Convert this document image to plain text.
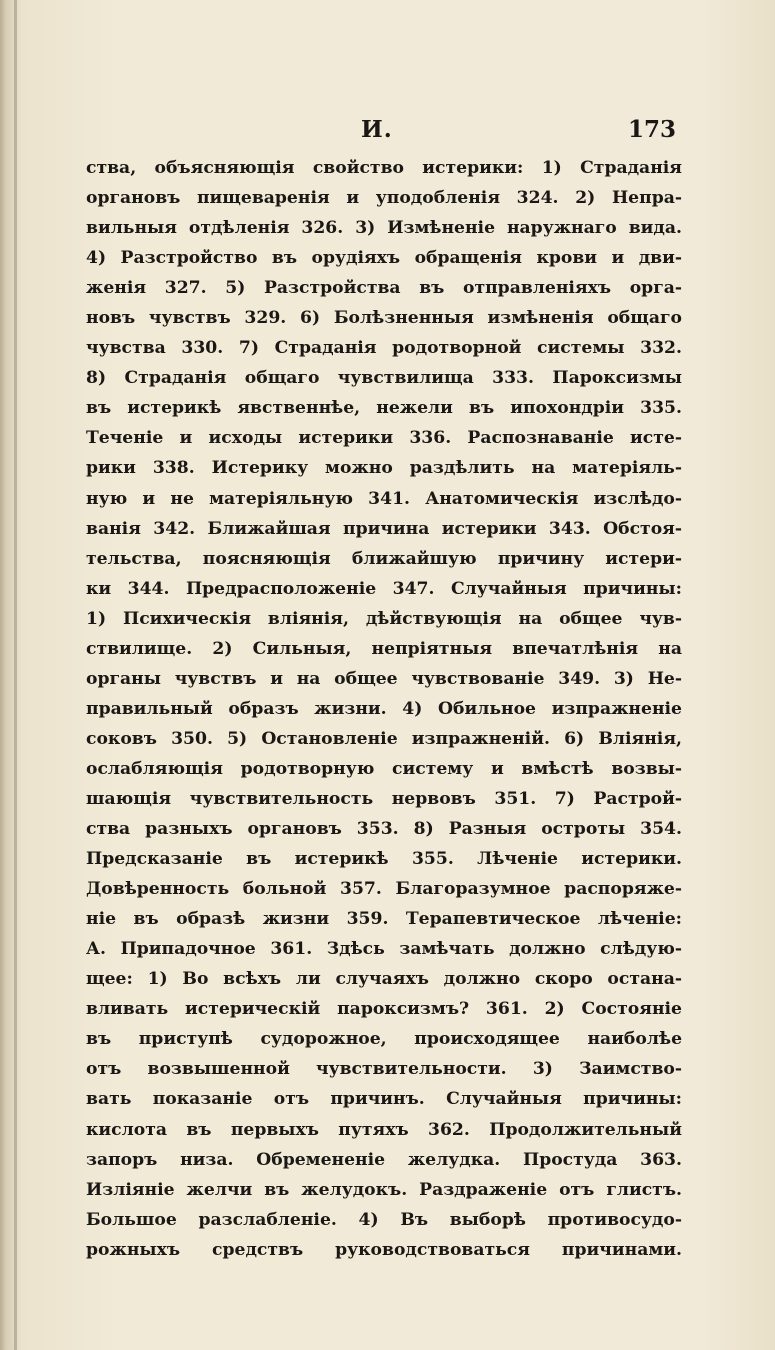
И.	173
ства, объясняющія свойство истерики: 1) Страданія
органовъ пищеваренія и уподобленія 324. 2) Непра-
вильныя отдѣленія 326. 3) Измѣненіе наружнаго вида.
4) Разстройство въ орудіяхъ обращенія крови и дви-
женія 327. 5) Разстройства въ отправленіяхъ орга-
новъ чувствъ 329. 6) Болѣзненныя измѣненія общаго
чувства 330. 7) Страданія родотворной системы 332.
8) Страданія общаго чувствилища 333. Пароксизмы
въ истерикѣ явственнѣе, нежели въ ипохондріи 335.
Теченіе и исходы истерики 336. Распознаваніе исте-
рики 338. Истерику можно раздѣлить на матеріяль-
ную и не матеріяльную 341. Анатомическія изслѣдо-
ванія 342. Ближайшая причина истерики 343. Обстоя-
тельства, поясняющія ближайшую причину истери-
ки 344. Предрасположеніе 347. Случайныя причины:
1) Психическія вліянія, дѣйствующія на общее чув-
ствилище. 2) Сильныя, непріятныя впечатлѣнія на
органы чувствъ и на общее чувствованіе 349. 3) Не-
правильный образъ жизни. 4) Обильное изпражненіе
соковъ 350. 5) Остановленіе изпражненій. 6) Вліянія,
ослабляющія родотворную систему и вмѣстѣ возвы-
шающія чувствительность нервовъ 351. 7) Растрой-
ства разныхъ органовъ 353. 8) Разныя остроты 354.
Предсказаніе въ истерикѣ 355. Лѣченіе истерики.
Довѣренность больной 357. Благоразумное распоряже-
ніе въ образѣ жизни 359. Терапевтическое лѣченіе:
А. Припадочное 361. Здѣсь замѣчать должно слѣдую-
щее: 1) Во всѣхъ ли случаяхъ должно скоро остана-
вливать истерическій пароксизмъ? 361. 2) Состояніе
въ приступѣ судорожное, происходящее наиболѣе
отъ возвышенной чувствительности. 3) Заимство-
вать показаніе отъ причинъ. Случайныя причины:
кислота въ первыхъ путяхъ 362. Продолжительный
запоръ низа. Обремененіе желудка. Простуда 363.
Изліяніе желчи въ желудокъ. Раздраженіе отъ глистъ.
Большое разслабленіе. 4) Въ выборѣ противосудо-
рожныхъ средствъ руководствоваться причинами.
